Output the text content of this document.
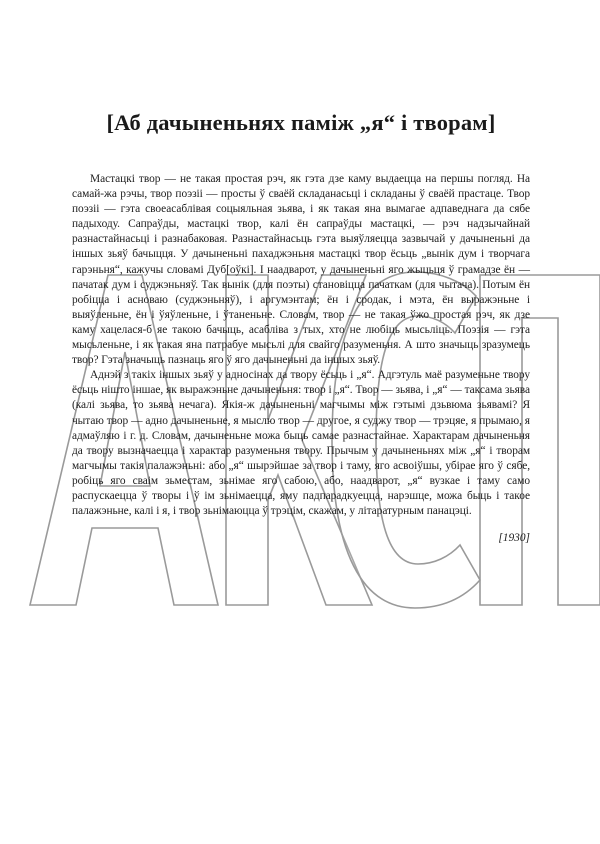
[Аб дачыненьнях паміж „я“ і творам]

Мастацкі твор — не такая простая рэч, як гэта дзе каму выдаецца на першы погляд. На самай-жа рэчы, твор поэзіі — просты ў сваёй складанасьці і складаны ў сваёй прастаце. Твор поэзіі — гэта своеасаблівая соцыяльная зьява, і як такая яна вымагае адпаведнага да сябе падыходу. Сапраўды, мастацкі твор, калі ён сапраўды мастацкі, — рэч надзычайнай разнастайнасьці і разнабаковая. Разнастайнасьць гэта выяўляецца зазвычай у дачыненьні да іншых зьяў бачыцця. У дачыненьні пахаджэньня мастацкі твор ёсьць „вынік дум і творчага гарэньня“, кажучы словамі Дуб[оўкі]. І наадварот, у дачыненьні яго жыцьця ў грамадзе ён — пачатак дум і суджэньняў. Так вынік (для поэты) становіцца пачаткам (для чытача). Потым ён робіцца і асноваю (суджэньняў), і аргумэнтам; ён і сродак, і мэта, ён выражэньне і выяўленьне, ён і ўяўленьне, і ўтаненьне. Словам, твор — не такая ўжо простая рэч, як дзе каму хацелася-б яе такою бачыць, асабліва з тых, хто не любіць мысьліць. Поэзія — гэта мысьленьне, і як такая яна патрабуе мысьлі для свайго разуменьня. А што значыць зразумець твор? Гэта значыць пазнаць яго ў яго дачыненьні да іншых зьяў.

Аднэй з такіх іншых зьяў у адносінах да твору ёсьць і „я“. Адгэтуль маё разуменьне твору ёсьць нішто іншае, як выражэньне дачыненьня: твор і „я“. Твор — зьява, і „я“ — таксама зьява (калі зьява, то зьява нечага). Якія-ж дачыненьні магчымы між гэтымі дзьвюма зьявамі? Я чытаю твор — адно дачыненьне, я мыслю твор — другое, я суджу твор — трэцяе, я прымаю, я адмаўляю і г. д. Словам, дачыненьне можа быць самае разнастайнае. Характарам дачыненьня да твору вызначаецца і характар разуменьня твору. Прычым у дачыненьнях між „я“ і творам магчымы такія палажэньні: або „я“ шырэйшае за твор і таму, яго асвоіўшы, убірае яго ў сябе, робіць яго сваім зьместам, зьнімае яго сабою, або, наадварот, „я“ вузкае і таму само распускаецца ў творы і ў ім зьнімаецца, яму падпарадкуецца, нарэшце, можа быць і такое палажэньне, калі і я, і твор зьнімаюцца ў трэцім, скажам, у літаратурным панацэці.

[1930]
